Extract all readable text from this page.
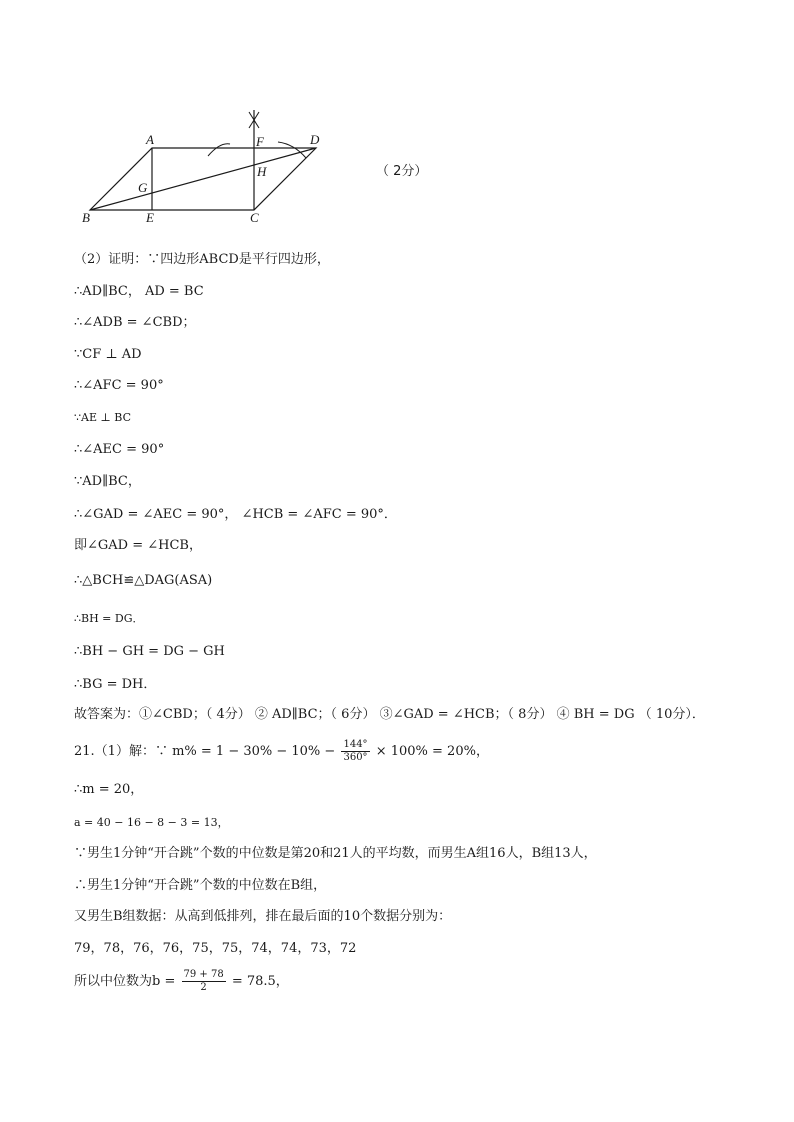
A
B	C
D
E
F
G
H	（ 2分）
（2）证明：∵四边形ABCD是平行四边形，
∴AD∥BC， AD = BC
∴∠ADB = ∠CBD；
∵CF ⊥ AD
∴∠AFC = 90°
∵AE ⊥ BC
∴∠AEC = 90°
∵AD∥BC，
∴∠GAD = ∠AEC = 90°， ∠HCB = ∠AFC = 90°．
即∠GAD = ∠HCB，
∴△BCH≌△DAG(ASA)
∴BH = DG．
∴BH − GH = DG − GH
∴BG = DH．
故答案为：①∠CBD；（ 4分） ② AD∥BC；（ 6分） ③∠GAD = ∠HCB；（ 8分） ④ BH = DG （ 10分）．
21.（1）解：∵ $m\% = 1 - 30\% - 10\% - \frac{144^\circ}{360^\circ} \times 100\% = 20\%$，
∴m = 20，
a = 40 − 16 − 8 − 3 = 13，
∵男生1分钟“开合跳”个数的中位数是第20和21人的平均数，而男生A组16人，B组13人，
∴男生1分钟“开合跳”个数的中位数在B组，
又男生B组数据：从高到低排列，排在最后面的10个数据分别为：
79，78，76，76，75，75，74，74，73，72
所以中位数为$b = \frac{79 + 78}{2} = 78.5$，
